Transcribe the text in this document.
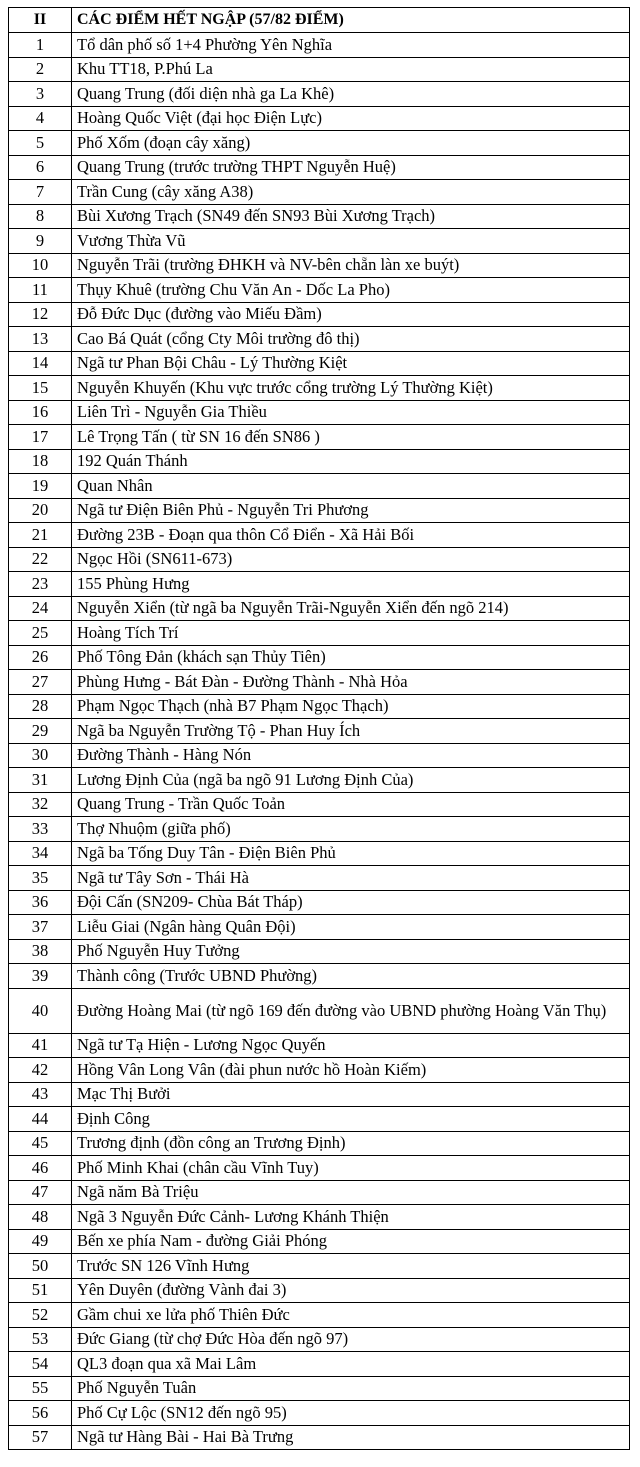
II	CÁC ĐIỂM HẾT NGẬP (57/82 ĐIỂM)
1	Tổ dân phố số 1+4 Phường Yên Nghĩa
2	Khu TT18, P.Phú La
3	Quang Trung (đối diện nhà ga La Khê)
4	Hoàng Quốc Việt (đại học Điện Lực)
5	Phố Xốm (đoạn cây xăng)
6	Quang Trung (trước trường THPT Nguyễn Huệ)
7	Trần Cung (cây xăng A38)
8	Bùi Xương Trạch (SN49 đến SN93 Bùi Xương Trạch)
9	Vương Thừa Vũ
10	Nguyễn Trãi (trường ĐHKH và NV-bên chẵn làn xe buýt)
11	Thụy Khuê (trường Chu Văn An - Dốc La Pho)
12	Đỗ Đức Dục (đường vào Miếu Đầm)
13	Cao Bá Quát (cổng Cty Môi trường đô thị)
14	Ngã tư Phan Bội Châu - Lý Thường Kiệt
15	Nguyễn Khuyến (Khu vực trước cổng trường Lý Thường Kiệt)
16	Liên Trì - Nguyễn Gia Thiều
17	Lê Trọng Tấn ( từ SN 16 đến SN86 )
18	192 Quán Thánh
19	Quan Nhân
20	Ngã tư Điện Biên Phủ - Nguyễn Tri Phương
21	Đường 23B - Đoạn qua thôn Cổ Điển - Xã Hải Bối
22	Ngọc Hồi (SN611-673)
23	155 Phùng Hưng
24	Nguyễn Xiển (từ ngã ba Nguyễn Trãi-Nguyễn Xiển đến ngõ 214)
25	Hoàng Tích Trí
26	Phố Tông Đản (khách sạn Thủy Tiên)
27	Phùng Hưng - Bát Đàn - Đường Thành - Nhà Hỏa
28	Phạm Ngọc Thạch (nhà B7 Phạm Ngọc Thạch)
29	Ngã ba Nguyễn Trường Tộ - Phan Huy Ích
30	Đường Thành - Hàng Nón
31	Lương Định Của (ngã ba ngõ 91 Lương Định Của)
32	Quang Trung - Trần Quốc Toản
33	Thợ Nhuộm (giữa phố)
34	Ngã ba Tống Duy Tân - Điện Biên Phủ
35	Ngã tư Tây Sơn - Thái Hà
36	Đội Cấn (SN209- Chùa Bát Tháp)
37	Liễu Giai (Ngân hàng Quân Đội)
38	Phố Nguyễn Huy Tưởng
39	Thành công (Trước UBND Phường)
40	Đường Hoàng Mai (từ ngõ 169 đến đường vào UBND phường Hoàng Văn Thụ)
41	Ngã tư Tạ Hiện - Lương Ngọc Quyến
42	Hồng Vân Long Vân (đài phun nước hồ Hoàn Kiếm)
43	Mạc Thị Bưởi
44	Định Công
45	Trương định (đồn công an Trương Định)
46	Phố Minh Khai (chân cầu Vĩnh Tuy)
47	Ngã năm Bà Triệu
48	Ngã 3 Nguyễn Đức Cảnh- Lương Khánh Thiện
49	Bến xe phía Nam - đường Giải Phóng
50	Trước SN 126 Vĩnh Hưng
51	Yên Duyên (đường Vành đai 3)
52	Gầm chui xe lửa phố Thiên Đức
53	Đức Giang (từ chợ Đức Hòa đến ngõ 97)
54	QL3 đoạn qua xã Mai Lâm
55	Phố Nguyễn Tuân
56	Phố Cự Lộc (SN12 đến ngõ 95)
57	Ngã tư Hàng Bài - Hai Bà Trưng
